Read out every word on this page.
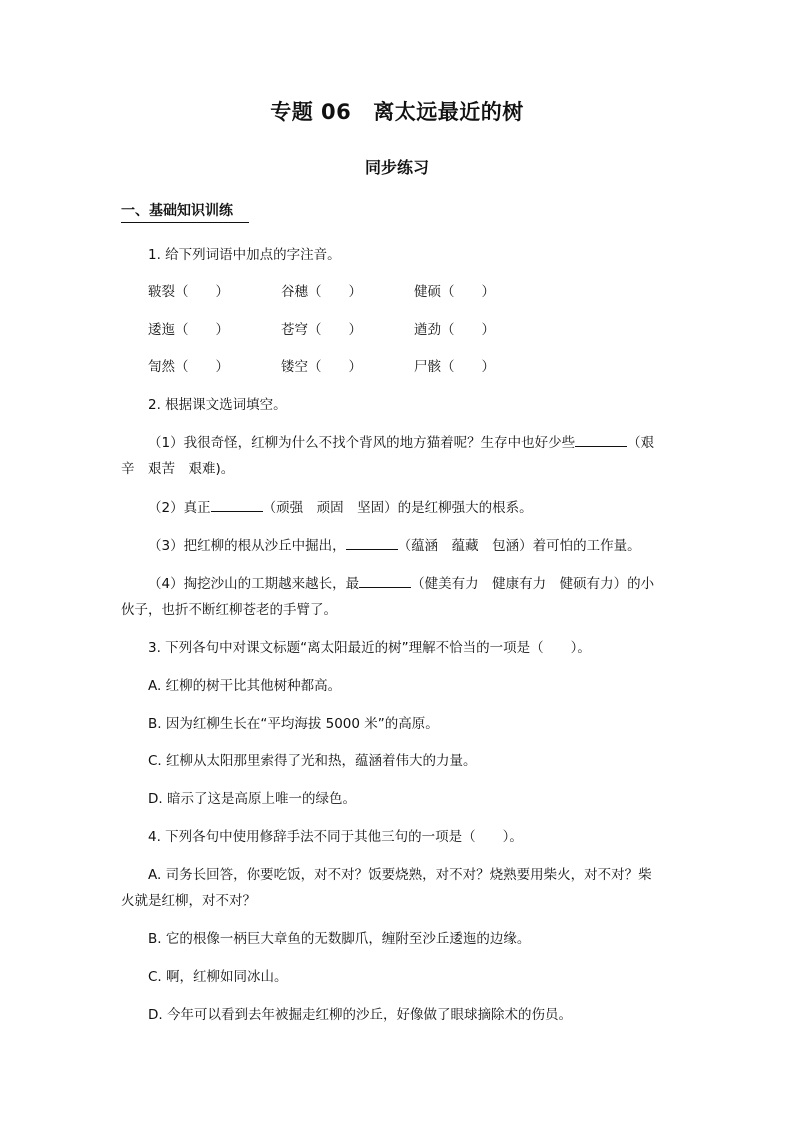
专题 06 离太远最近的树
同步练习
一、基础知识训练
1. 给下列词语中加点的字注音。
皲裂（　　）	谷穗（　　）	健硕（　　）
逶迤（　　）	苍穹（　　）	遒劲（　　）
訇然（　　）	镂空（　　）	尸骸（　　）
2. 根据课文选词填空。
（1）我很奇怪，红柳为什么不找个背风的地方猫着呢？生存中也好少些	（艰
辛　艰苦　艰难)。
（2）真正	（顽强　顽固　坚固）的是红柳强大的根系。
（3）把红柳的根从沙丘中掘出，	（蕴涵　蕴藏　包涵）着可怕的工作量。
（4）掏挖沙山的工期越来越长，最	（健美有力　健康有力　健硕有力）的小
伙子，也折不断红柳苍老的手臂了。
3. 下列各句中对课文标题“离太阳最近的树”理解不恰当的一项是（　　）。
A. 红柳的树干比其他树种都高。
B. 因为红柳生长在“平均海拔 5000 米”的高原。
C. 红柳从太阳那里索得了光和热，蕴涵着伟大的力量。
D. 暗示了这是高原上唯一的绿色。
4. 下列各句中使用修辞手法不同于其他三句的一项是（　　）。
A. 司务长回答，你要吃饭，对不对？饭要烧熟，对不对？烧熟要用柴火，对不对？柴
火就是红柳，对不对？
B. 它的根像一柄巨大章鱼的无数脚爪，缠附至沙丘逶迤的边缘。
C. 啊，红柳如同冰山。
D. 今年可以看到去年被掘走红柳的沙丘，好像做了眼球摘除术的伤员。
